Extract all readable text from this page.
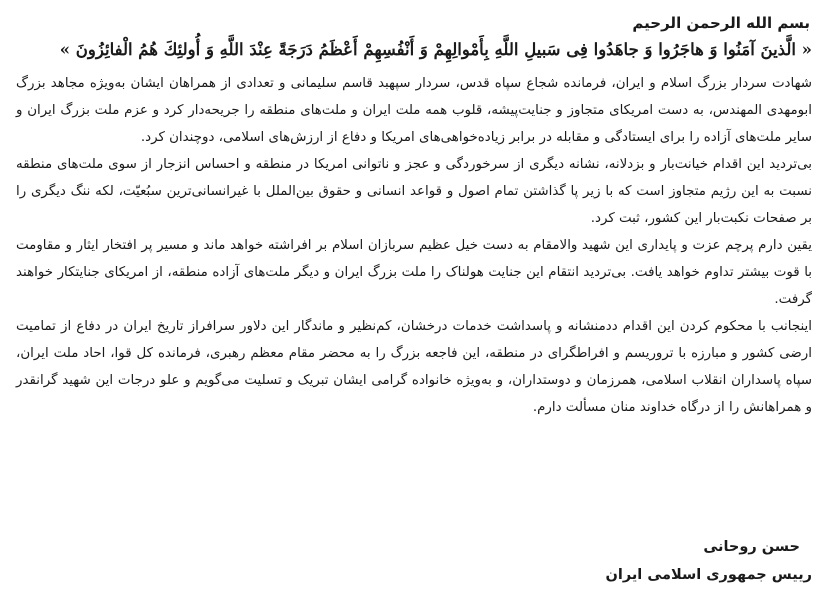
بسم الله الرحمن الرحیم

« الَّذينَ آمَنُوا وَ هاجَرُوا وَ جاهَدُوا فِی سَبيلِ اللَّهِ بِأَمْوالِهِمْ وَ أَنْفُسِهِمْ أَعْظَمُ دَرَجَةً عِنْدَ اللَّهِ وَ أُولئِكَ هُمُ الْفائِزُونَ »

شهادت سردار بزرگ اسلام و ایران، فرمانده شجاع سپاه قدس، سردار سپهبد قاسم سلیمانی و تعدادی از همراهان ایشان به‌ویژه مجاهد بزرگ ابومهدی المهندس، به دست امریکای متجاوز و جنایت‌پیشه، قلوب همه ملت ایران و ملت‌های منطقه را جریحه‌دار کرد و عزم ملت بزرگ ایران و سایر ملت‌های آزاده را برای ایستادگی و مقابله در برابر زیاده‌خواهی‌های امریکا و دفاع از ارزش‌های اسلامی، دوچندان کرد.

بی‌تردید این اقدام خیانت‌بار و بزدلانه، نشانه دیگری از سرخوردگی و عجز و ناتوانی امریکا در منطقه و احساس انزجار از سوی ملت‌های منطقه نسبت به این رژیم متجاوز است که با زیر پا گذاشتن تمام اصول و قواعد انسانی و حقوق بین‌الملل با غیرانسانی‌ترین سبُعیّت، لکه ننگ دیگری را بر صفحات نکبت‌بار این کشور، ثبت کرد.

یقین دارم پرچم عزت و پایداری این شهید والامقام به دست خیل عظیم سربازان اسلام بر افراشته خواهد ماند و مسیر پر افتخار ایثار و مقاومت با قوت بیشتر تداوم خواهد یافت. بی‌تردید انتقام این جنایت هولناک را ملت بزرگ ایران و دیگر ملت‌های آزاده منطقه، از امریکای جنایتکار خواهند گرفت.

اینجانب با محکوم کردن این اقدام ددمنشانه و پاسداشت خدمات درخشان، کم‌نظیر و ماندگار این دلاور سرافراز تاریخ ایران در دفاع از تمامیت ارضی کشور و مبارزه با تروریسم و افراطگرای در منطقه، این فاجعه بزرگ را به محضر مقام معظم رهبری، فرمانده کل قوا، احاد ملت ایران، سپاه پاسداران انقلاب اسلامی، همرزمان و دوستداران، و به‌ویژه خانواده گرامی ایشان تبریک و تسلیت می‌گویم و علو درجات این شهید گرانقدر و همراهانش را از درگاه خداوند منان مسألت دارم.

حسن روحانی

رییس جمهوری اسلامی ایران
